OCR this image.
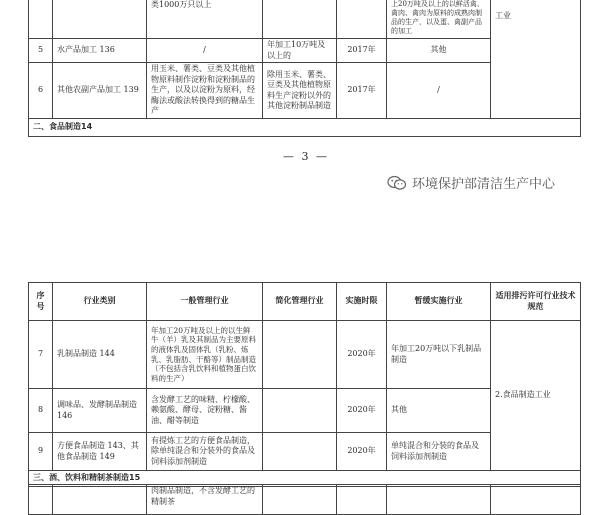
		类1000万只以上			上20万吨及以上的以鲜活禽、禽肉、禽肉为原料的成熟肉制品的生产，以及蛋、禽副产品的加工	工业
5	水产品加工 136	/	年加工10万吨及以上的	2017年	其他	
6	其他农副产品加工 139	用玉米、薯类、豆类及其他植物原料制作淀粉和淀粉制品的生产，以及以淀粉为原料，经酶法或酸法转换得到的糖品生产	除用玉米、薯类、豆类及其他植物原料生产淀粉以外的其他淀粉制品制造	2017年	/	
二、食品制造14						
— 3 —
环境保护部清洁生产中心
序号	行业类别	一般管理行业	简化管理行业	实施时限	暂缓实施行业	适用排污许可行业技术规范
7	乳制品制造 144	年加工20万吨及以上的以生鲜牛（羊）乳及其制品为主要原料的液体乳及固体乳（乳粉、炼乳、乳脂肪、干酪等）制品制造（不包括含乳饮料和植物蛋白饮料的生产）		2020年	年加工20万吨以下乳制品制造	2.食品制造工业
8	调味品、发酵制品制造 146	含发酵工艺的味精、柠檬酸、赖氨酸、酵母、淀粉糖、酱油、醋等制造		2020年	其他	
9	方便食品制造 143、其他食品制造 149	有提炼工艺的方便食品制造，除单纯混合和分装外的食品及饲料添加剂制造		2020年	单纯混合和分装的食品及饲料添加剂制造	
三、酒、饮料和精制茶制造15						
		肉制品制造，不含发酵工艺的精制茶				
